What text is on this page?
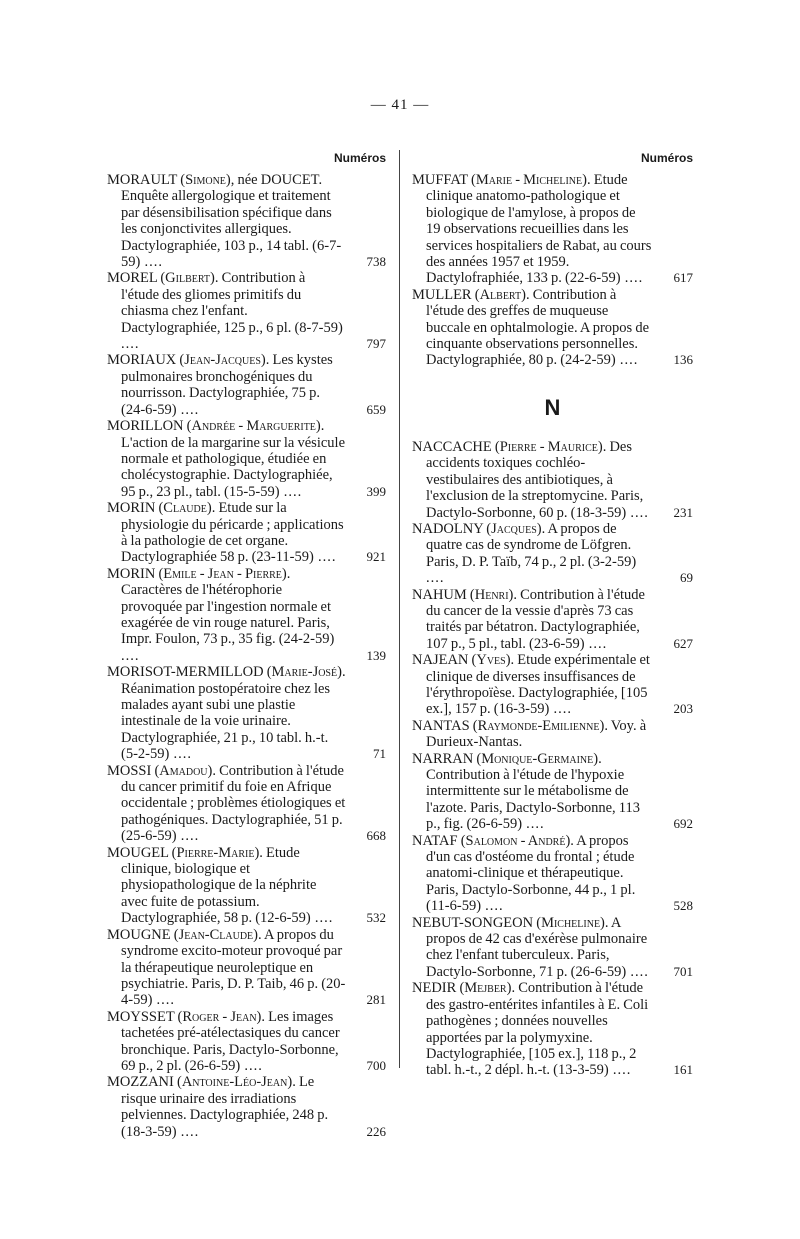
— 41 —
Numéros
MORAULT (Simone), née DOUCET. Enquête allergologique et traitement par désensibilisation spécifique dans les conjonctivites allergiques. Dactylographiée, 103 p., 14 tabl. (6-7-59) ....	738
MOREL (Gilbert). Contribution à l'étude des gliomes primitifs du chiasma chez l'enfant. Dactylographiée, 125 p., 6 pl. (8-7-59) ....	797
MORIAUX (Jean-Jacques). Les kystes pulmonaires bronchogéniques du nourrisson. Dactylographiée, 75 p. (24-6-59) ....	659
MORILLON (Andrée - Marguerite). L'action de la margarine sur la vésicule normale et pathologique, étudiée en cholécystographie. Dactylographiée, 95 p., 23 pl., tabl. (15-5-59) ....	399
MORIN (Claude). Etude sur la physiologie du péricarde ; applications à la pathologie de cet organe. Dactylographiée 58 p. (23-11-59) .... 921
MORIN (Emile - Jean - Pierre). Caractères de l'hétérophorie provoquée par l'ingestion normale et exagérée de vin rouge naturel. Paris, Impr. Foulon, 73 p., 35 fig. (24-2-59) ....	139
MORISOT-MERMILLOD (Marie-José). Réanimation postopératoire chez les malades ayant subi une plastie intestinale de la voie urinaire. Dactylographiée, 21 p., 10 tabl. h.-t. (5-2-59) ....	71
MOSSI (Amadou). Contribution à l'étude du cancer primitif du foie en Afrique occidentale ; problèmes étiologiques et pathogéniques. Dactylographiée, 51 p. (25-6-59) ....	668
MOUGEL (Pierre-Marie). Etude clinique, biologique et physiopathologique de la néphrite avec fuite de potassium. Dactylographiée, 58 p. (12-6-59) ....	532
MOUGNE (Jean-Claude). A propos du syndrome excito-moteur provoqué par la thérapeutique neuroleptique en psychiatrie. Paris, D. P. Taib, 46 p. (20-4-59) ....	281
MOYSSET (Roger - Jean). Les images tachetées pré-atélectasiques du cancer bronchique. Paris, Dactylo-Sorbonne, 69 p., 2 pl. (26-6-59) ....	700
MOZZANI (Antoine-Léo-Jean). Le risque urinaire des irradiations pelviennes. Dactylographiée, 248 p. (18-3-59) ....	226
Numéros
MUFFAT (Marie - Micheline). Etude clinique anatomo-pathologique et biologique de l'amylose, à propos de 19 observations recueillies dans les services hospitaliers de Rabat, au cours des années 1957 et 1959. Dactylofraphiée, 133 p. (22-6-59) .... 617
MULLER (Albert). Contribution à l'étude des greffes de muqueuse buccale en ophtalmologie. A propos de cinquante observations personnelles. Dactylographiée, 80 p. (24-2-59) ....	136
N
NACCACHE (Pierre - Maurice). Des accidents toxiques cochléo-vestibulaires des antibiotiques, à l'exclusion de la streptomycine. Paris, Dactylo-Sorbonne, 60 p. (18-3-59) .... 231
NADOLNY (Jacques). A propos de quatre cas de syndrome de Löfgren. Paris, D. P. Taïb, 74 p., 2 pl. (3-2-59) ....	69
NAHUM (Henri). Contribution à l'étude du cancer de la vessie d'après 73 cas traités par bétatron. Dactylographiée, 107 p., 5 pl., tabl. (23-6-59) ....	627
NAJEAN (Yves). Etude expérimentale et clinique de diverses insuffisances de l'érythropoïèse. Dactylographiée, [105 ex.], 157 p. (16-3-59) ....	203
NANTAS (Raymonde-Emilienne). Voy. à Durieux-Nantas.
NARRAN (Monique-Germaine). Contribution à l'étude de l'hypoxie intermittente sur le métabolisme de l'azote. Paris, Dactylo-Sorbonne, 113 p., fig. (26-6-59) ....	692
NATAF (Salomon - André). A propos d'un cas d'ostéome du frontal ; étude anatomi-clinique et thérapeutique. Paris, Dactylo-Sorbonne, 44 p., 1 pl. (11-6-59) ....	528
NEBUT-SONGEON (Micheline). A propos de 42 cas d'exérèse pulmonaire chez l'enfant tuberculeux. Paris, Dactylo-Sorbonne, 71 p. (26-6-59) .... 701
NEDIR (Mejber). Contribution à l'étude des gastro-entérites infantiles à E. Coli pathogènes ; données nouvelles apportées par la polymyxine. Dactylographiée, [105 ex.], 118 p., 2 tabl. h.-t., 2 dépl. h.-t. (13-3-59) ....	161
